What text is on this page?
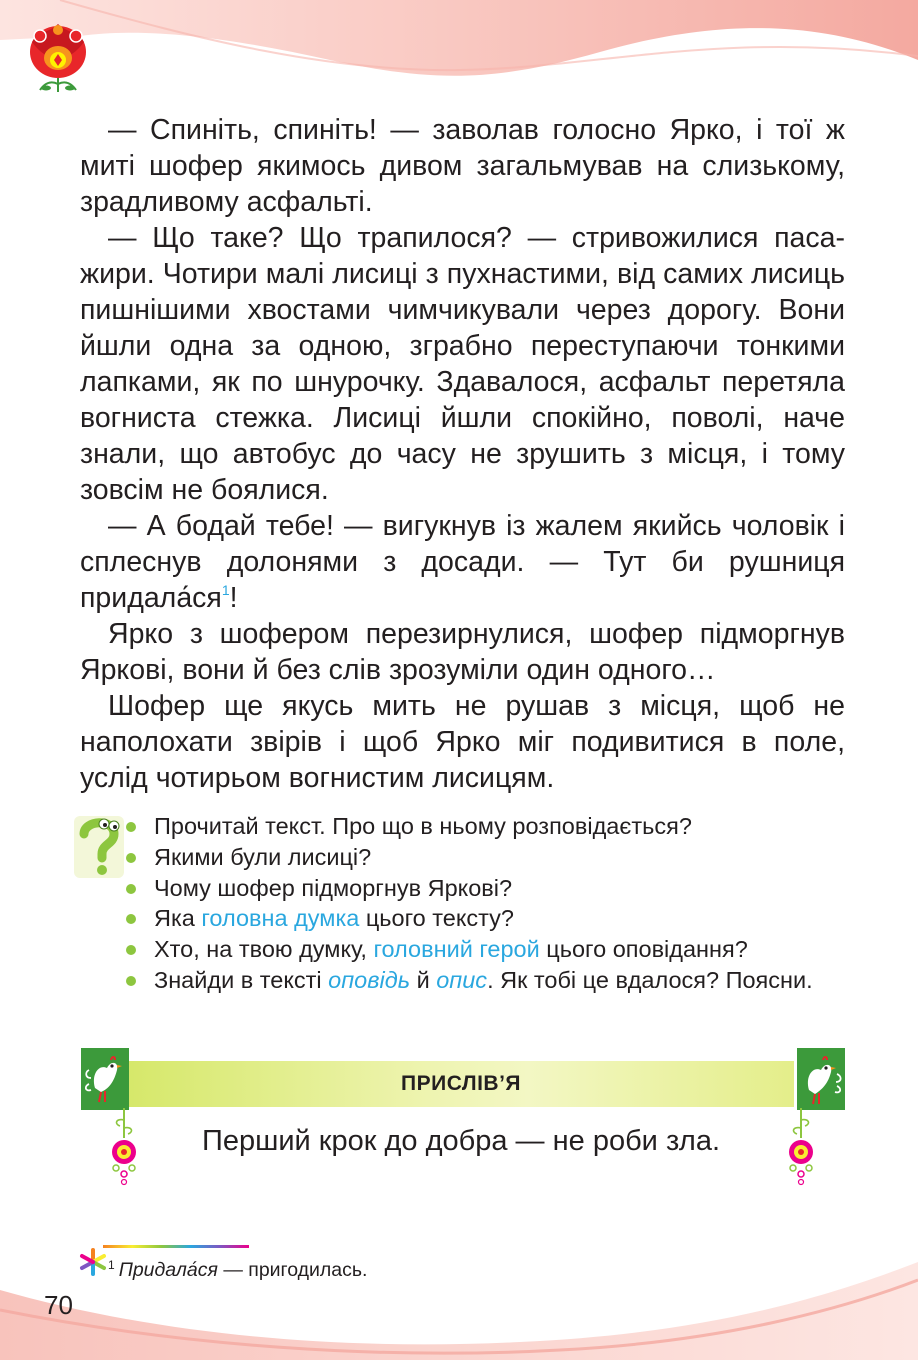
— Спиніть, спиніть! — заволав голосно Ярко, і тої ж миті шофер якимось дивом загальмував на слизькому, зрадливому асфальті.

— Що таке? Що трапилося? — стривожилися пасажири. Чотири малі лисиці з пухнастими, від самих лисиць пишнішими хвостами чимчикували через дорогу. Вони йшли одна за одною, зграбно переступаючи тонкими лапками, як по шнурочку. Здавалося, асфальт перетяла вогниста стежка. Лисиці йшли спокійно, поволі, наче знали, що автобус до часу не зрушить з місця, і тому зовсім не боялися.

— А бодай тебе! — вигукнув із жалем якийсь чоловік і сплеснув долонями з досади. — Тут би рушниця $придала́ся^1$!

Ярко з шофером перезирнулися, шофер підморгнув Яркові, вони й без слів зрозуміли один одного…

Шофер ще якусь мить не рушав з місця, щоб не наполохати звірів і щоб Ярко міг подивитися в поле, услід чотирьом вогнистим лисицям.

Прочитай текст. Про що в ньому розповідається?
Якими були лисиці?
Чому шофер підморгнув Яркові?
Яка головна думка цього тексту?
Хто, на твою думку, головний герой цього оповідання?
Знайди в тексті оповідь й опис. Як тобі це вдалося? Поясни.
ПРИСЛІВ’Я
Перший крок до добра — не роби зла.
$^1$ Придала́ся — пригодилась.
70
